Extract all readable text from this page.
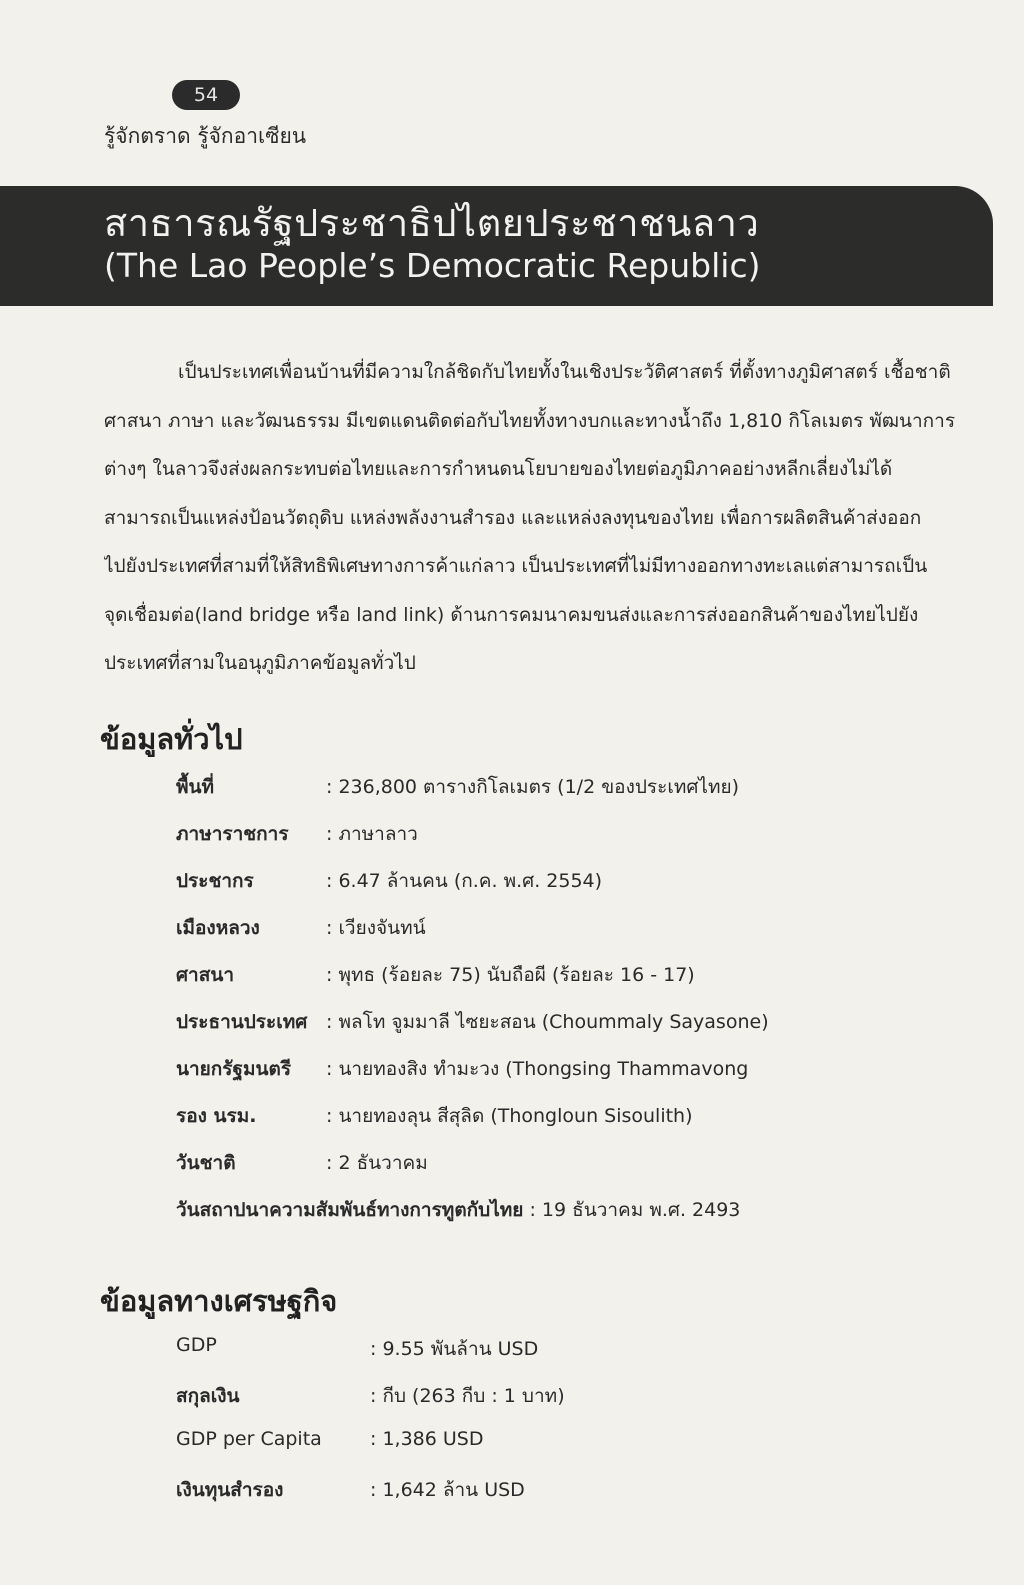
54
รู้จักตราด รู้จักอาเซียน
สาธารณรัฐประชาธิปไตยประชาชนลาว
(The Lao People’s Democratic Republic)
เป็นประเทศเพื่อนบ้านที่มีความใกล้ชิดกับไทยทั้งในเชิงประวัติศาสตร์ ที่ตั้งทางภูมิศาสตร์ เชื้อชาติ
ศาสนา ภาษา และวัฒนธรรม มีเขตแดนติดต่อกับไทยทั้งทางบกและทางน้ำถึง 1,810 กิโลเมตร พัฒนาการ
ต่างๆ ในลาวจึงส่งผลกระทบต่อไทยและการกำหนดนโยบายของไทยต่อภูมิภาคอย่างหลีกเลี่ยงไม่ได้
สามารถเป็นแหล่งป้อนวัตถุดิบ แหล่งพลังงานสำรอง และแหล่งลงทุนของไทย เพื่อการผลิตสินค้าส่งออก
ไปยังประเทศที่สามที่ให้สิทธิพิเศษทางการค้าแก่ลาว เป็นประเทศที่ไม่มีทางออกทางทะเลแต่สามารถเป็น
จุดเชื่อมต่อ(land bridge หรือ land link) ด้านการคมนาคมขนส่งและการส่งออกสินค้าของไทยไปยัง
ประเทศที่สามในอนุภูมิภาคข้อมูลทั่วไป
ข้อมูลทั่วไป
พื้นที่	: 236,800 ตารางกิโลเมตร (1/2 ของประเทศไทย)
ภาษาราชการ : ภาษาลาว
ประชากร	: 6.47 ล้านคน (ก.ค. พ.ศ. 2554)
เมืองหลวง	: เวียงจันทน์
ศาสนา	: พุทธ (ร้อยละ 75) นับถือผี (ร้อยละ 16 - 17)
ประธานประเทศ : พลโท จูมมาลี ไซยะสอน (Choummaly Sayasone)
นายกรัฐมนตรี : นายทองสิง ทำมะวง (Thongsing Thammavong
รอง นรม.	: นายทองลุน สีสุลิด (Thongloun Sisoulith)
วันชาติ	: 2 ธันวาคม
วันสถาปนาความสัมพันธ์ทางการทูตกับไทย : 19 ธันวาคม พ.ศ. 2493
ข้อมูลทางเศรษฐกิจ
GDP	: 9.55 พันล้าน USD
สกุลเงิน	: กีบ (263 กีบ : 1 บาท)
GDP per Capita	: 1,386 USD
เงินทุนสำรอง	: 1,642 ล้าน USD
